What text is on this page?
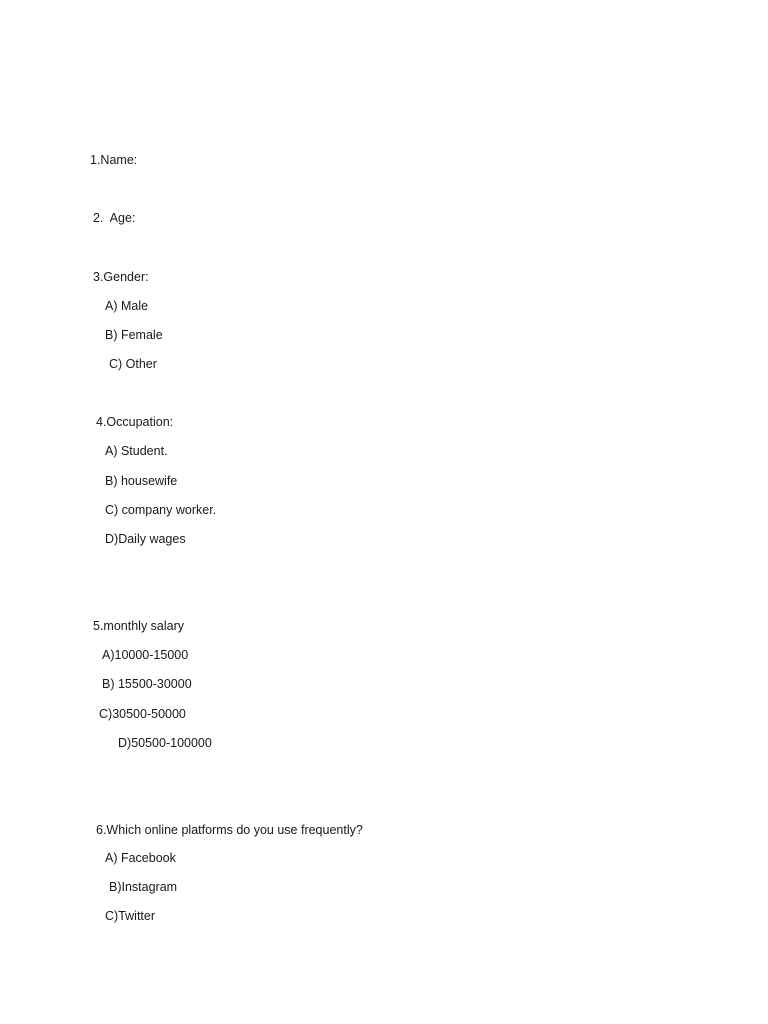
1.Name:
2.  Age:
3.Gender:
A) Male
B) Female
C) Other
4.Occupation:
A) Student.
B) housewife
C) company worker.
D)Daily wages
5.monthly salary
A)10000-15000
B) 15500-30000
C)30500-50000
D)50500-100000
6.Which online platforms do you use frequently?
A) Facebook
B)Instagram
C)Twitter
